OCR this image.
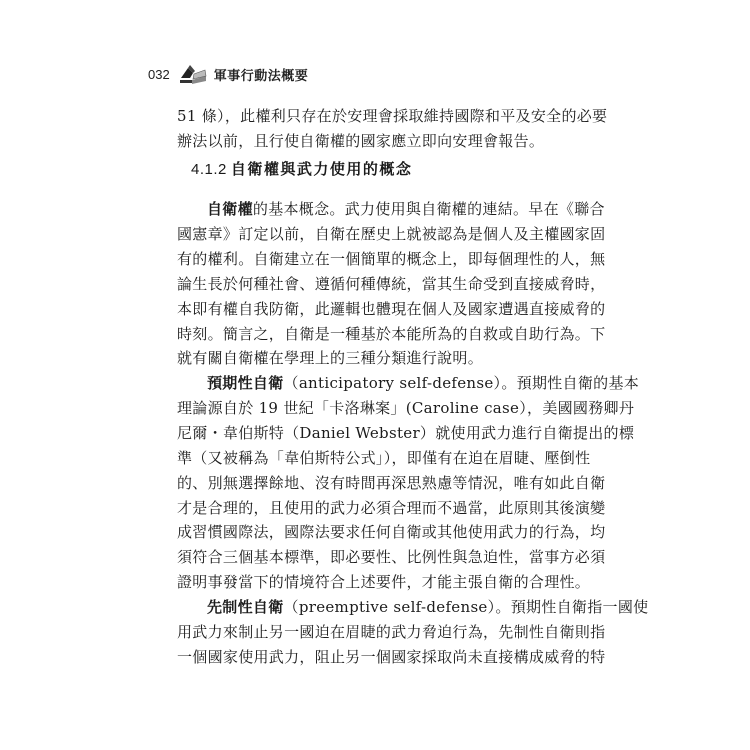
032	軍事行動法概要
51 條），此權利只存在於安理會採取維持國際和平及安全的必要
辦法以前，且行使自衛權的國家應立即向安理會報告。
4.1.2 自衛權與武力使用的概念
自衛權的基本概念。武力使用與自衛權的連結。早在《聯合
國憲章》訂定以前，自衛在歷史上就被認為是個人及主權國家固
有的權利。自衛建立在一個簡單的概念上，即每個理性的人，無
論生長於何種社會、遵循何種傳統，當其生命受到直接威脅時，
本即有權自我防衛，此邏輯也體現在個人及國家遭遇直接威脅的
時刻。簡言之，自衛是一種基於本能所為的自救或自助行為。下
就有關自衛權在學理上的三種分類進行說明。
預期性自衛（anticipatory self-defense）。預期性自衛的基本
理論源自於 19 世紀「卡洛琳案」(Caroline case），美國國務卿丹
尼爾・韋伯斯特（Daniel Webster）就使用武力進行自衛提出的標
準（又被稱為「韋伯斯特公式」），即僅有在迫在眉睫、壓倒性
的、別無選擇餘地、沒有時間再深思熟慮等情況，唯有如此自衛
才是合理的，且使用的武力必須合理而不過當，此原則其後演變
成習慣國際法，國際法要求任何自衛或其他使用武力的行為，均
須符合三個基本標準，即必要性、比例性與急迫性，當事方必須
證明事發當下的情境符合上述要件，才能主張自衛的合理性。
先制性自衛（preemptive self-defense）。預期性自衛指一國使
用武力來制止另一國迫在眉睫的武力脅迫行為，先制性自衛則指
一個國家使用武力，阻止另一個國家採取尚未直接構成威脅的特
